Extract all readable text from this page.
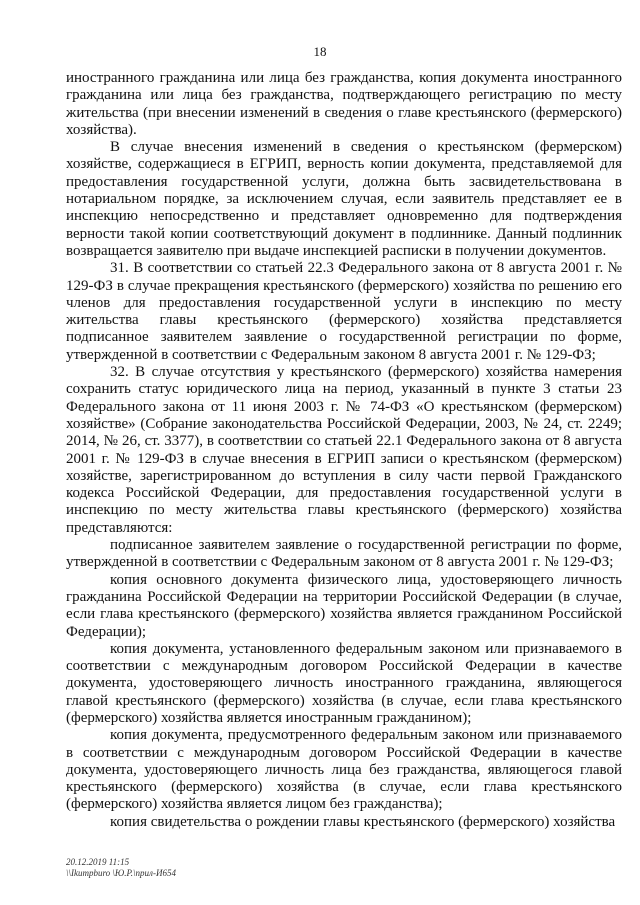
18

иностранного гражданина или лица без гражданства, копия документа иностранного гражданина или лица без гражданства, подтверждающего регистрацию по месту жительства (при внесении изменений в сведения о главе крестьянского (фермерского) хозяйства).

В случае внесения изменений в сведения о крестьянском (фермерском) хозяйстве, содержащиеся в ЕГРИП, верность копии документа, представляемой для предоставления государственной услуги, должна быть засвидетельствована в нотариальном порядке, за исключением случая, если заявитель представляет ее в инспекцию непосредственно и представляет одновременно для подтверждения верности такой копии соответствующий документ в подлиннике. Данный подлинник возвращается заявителю при выдаче инспекцией расписки в получении документов.

31. В соответствии со статьей 22.3 Федерального закона от 8 августа 2001 г. № 129-ФЗ в случае прекращения крестьянского (фермерского) хозяйства по решению его членов для предоставления государственной услуги в инспекцию по месту жительства главы крестьянского (фермерского) хозяйства представляется подписанное заявителем заявление о государственной регистрации по форме, утвержденной в соответствии с Федеральным законом 8 августа 2001 г. № 129-ФЗ;

32. В случае отсутствия у крестьянского (фермерского) хозяйства намерения сохранить статус юридического лица на период, указанный в пункте 3 статьи 23 Федерального закона от 11 июня 2003 г. № 74-ФЗ «О крестьянском (фермерском) хозяйстве» (Собрание законодательства Российской Федерации, 2003, № 24, ст. 2249; 2014, № 26, ст. 3377), в соответствии со статьей 22.1 Федерального закона от 8 августа 2001 г. № 129-ФЗ в случае внесения в ЕГРИП записи о крестьянском (фермерском) хозяйстве, зарегистрированном до вступления в силу части первой Гражданского кодекса Российской Федерации, для предоставления государственной услуги в инспекцию по месту жительства главы крестьянского (фермерского) хозяйства представляются:

подписанное заявителем заявление о государственной регистрации по форме, утвержденной в соответствии с Федеральным законом от 8 августа 2001 г. № 129-ФЗ;

копия основного документа физического лица, удостоверяющего личность гражданина Российской Федерации на территории Российской Федерации (в случае, если глава крестьянского (фермерского) хозяйства является гражданином Российской Федерации);

копия документа, установленного федеральным законом или признаваемого в соответствии с международным договором Российской Федерации в качестве документа, удостоверяющего личность иностранного гражданина, являющегося главой крестьянского (фермерского) хозяйства (в случае, если глава крестьянского (фермерского) хозяйства является иностранным гражданином);

копия документа, предусмотренного федеральным законом или признаваемого в соответствии с международным договором Российской Федерации в качестве документа, удостоверяющего личность лица без гражданства, являющегося главой крестьянского (фермерского) хозяйства (в случае, если глава крестьянского (фермерского) хозяйства является лицом без гражданства);

копия свидетельства о рождении главы крестьянского (фермерского) хозяйства

20.12.2019 11:15
\\Ikumpburo \Ю.P.\nрил-И654
